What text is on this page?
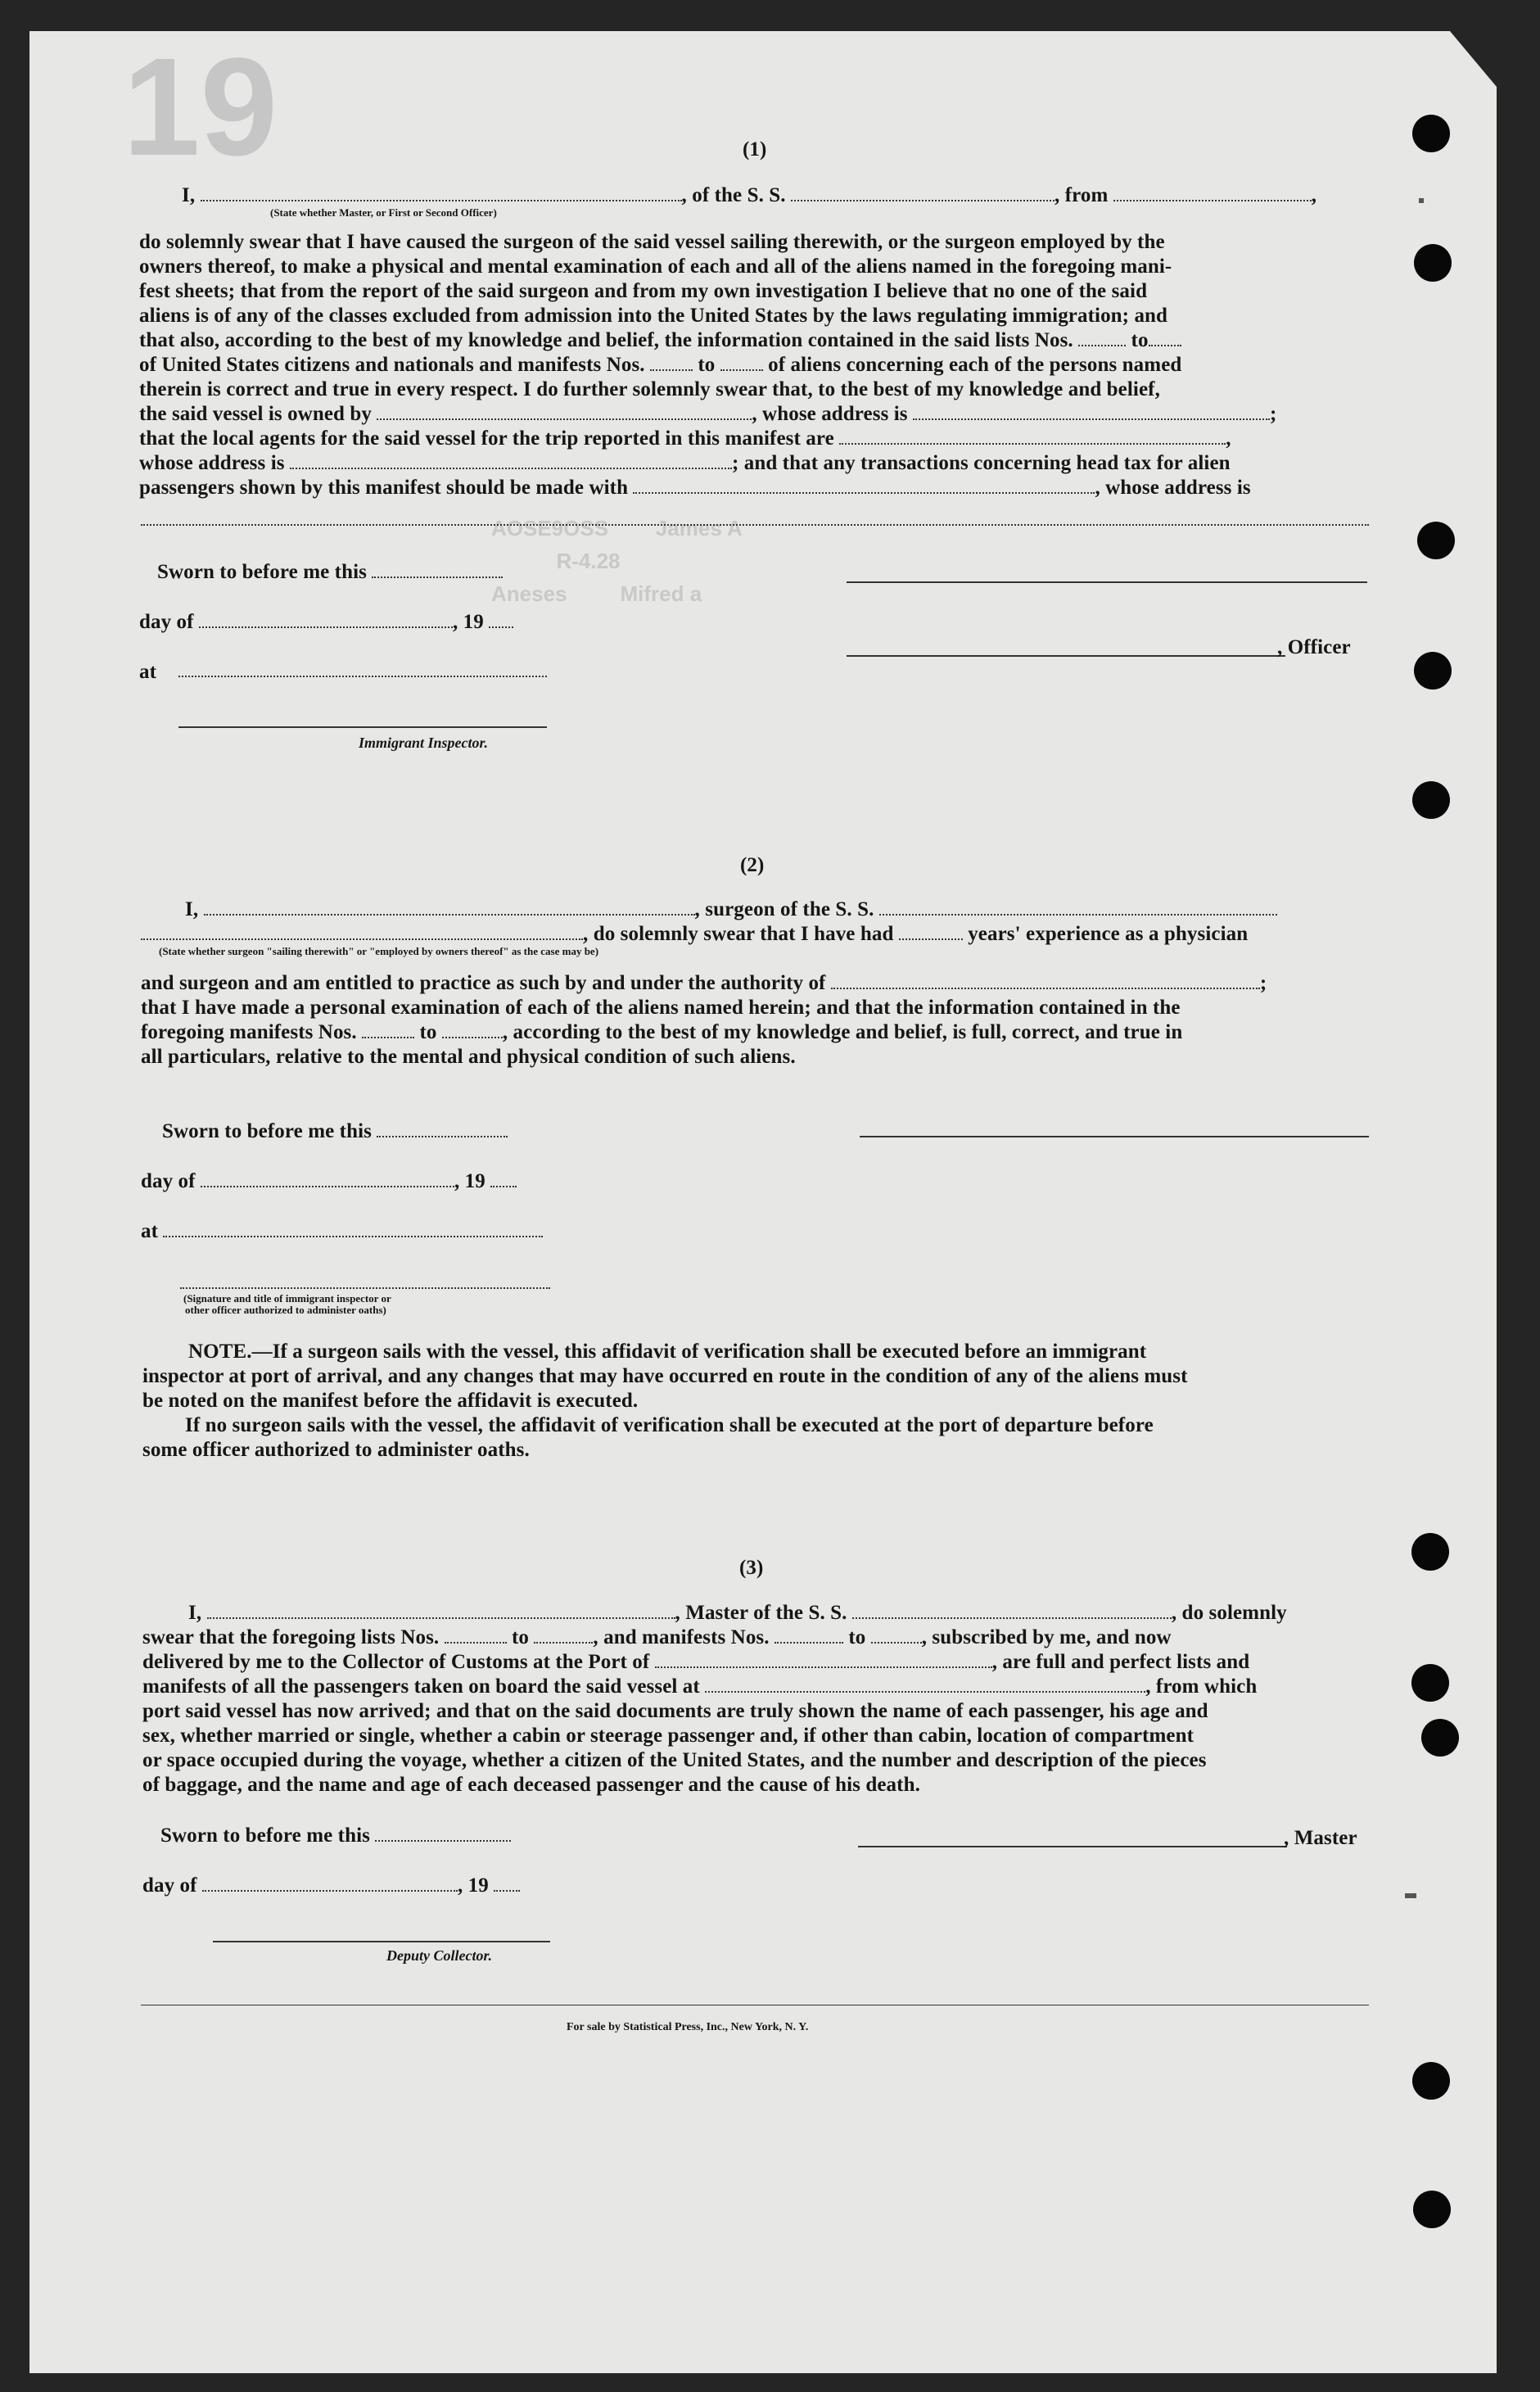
19
AOSE9OSS        James A
R-4.28
Aneses         Mifred a
(1)
I,	, of the S. S.	, from	,
(State whether Master, or First or Second Officer)
do solemnly swear that I have caused the surgeon of the said vessel sailing therewith, or the surgeon employed by the
owners thereof, to make a physical and mental examination of each and all of the aliens named in the foregoing mani-
fest sheets; that from the report of the said surgeon and from my own investigation I believe that no one of the said
aliens is of any of the classes excluded from admission into the United States by the laws regulating immigration; and
that also, according to the best of my knowledge and belief, the information contained in the said lists Nos.	to
of United States citizens and nationals and manifests Nos.	to	of aliens concerning each of the persons named
therein is correct and true in every respect. I do further solemnly swear that, to the best of my knowledge and belief,
the said vessel is owned by	, whose address is	;
that the local agents for the said vessel for the trip reported in this manifest are	,
whose address is	; and that any transactions concerning head tax for alien
passengers shown by this manifest should be made with	, whose address is
Sworn to before me this
day of	, 19
at
Immigrant Inspector.
, Officer
(2)
I,	, surgeon of the S. S.
, do solemnly swear that I have had	years' experience as a physician
(State whether surgeon "sailing therewith" or "employed by owners thereof" as the case may be)
and surgeon and am entitled to practice as such by and under the authority of	;
that I have made a personal examination of each of the aliens named herein; and that the information contained in the
foregoing manifests Nos.	to	, according to the best of my knowledge and belief, is full, correct, and true in
all particulars, relative to the mental and physical condition of such aliens.
Sworn to before me this
day of	, 19
at
(Signature and title of immigrant inspector or
other officer authorized to administer oaths)
NOTE.—If a surgeon sails with the vessel, this affidavit of verification shall be executed before an immigrant
inspector at port of arrival, and any changes that may have occurred en route in the condition of any of the aliens must
be noted on the manifest before the affidavit is executed.
If no surgeon sails with the vessel, the affidavit of verification shall be executed at the port of departure before
some officer authorized to administer oaths.
(3)
I,	, Master of the S. S.	, do solemnly
swear that the foregoing lists Nos.	to	, and manifests Nos.	to	, subscribed by me, and now
delivered by me to the Collector of Customs at the Port of	, are full and perfect lists and
manifests of all the passengers taken on board the said vessel at	, from which
port said vessel has now arrived; and that on the said documents are truly shown the name of each passenger, his age and
sex, whether married or single, whether a cabin or steerage passenger and, if other than cabin, location of compartment
or space occupied during the voyage, whether a citizen of the United States, and the number and description of the pieces
of baggage, and the name and age of each deceased passenger and the cause of his death.
Sworn to before me this	, Master
day of	, 19
Deputy Collector.
For sale by Statistical Press, Inc., New York, N. Y.
